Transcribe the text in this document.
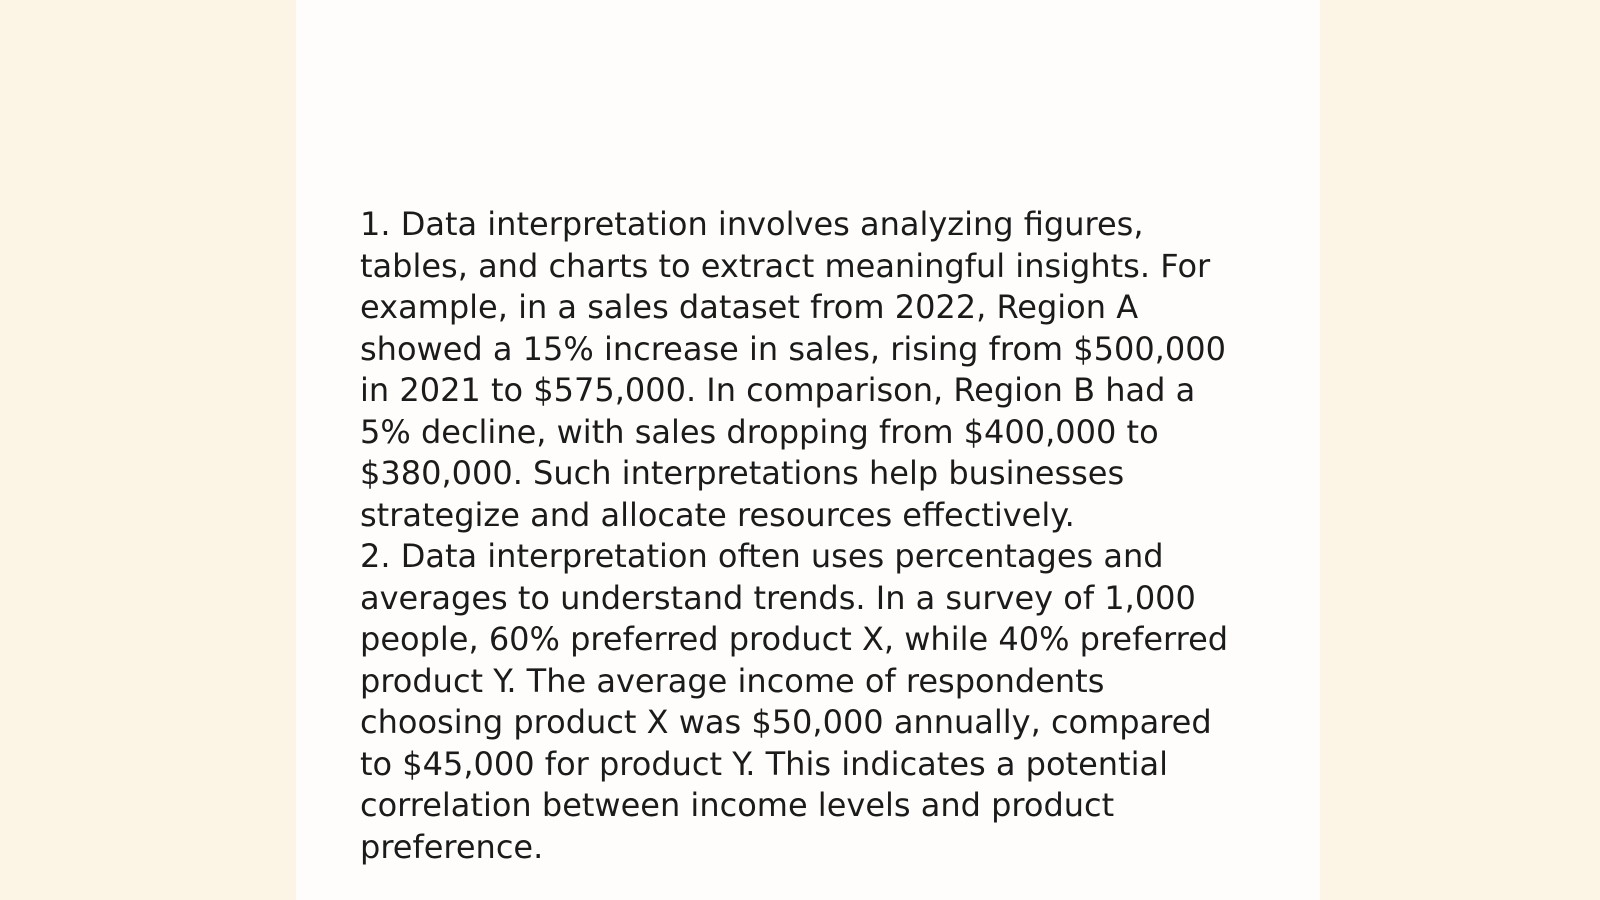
1. Data interpretation involves analyzing figures,
tables, and charts to extract meaningful insights. For
example, in a sales dataset from 2022, Region A
showed a 15% increase in sales, rising from $500,000
in 2021 to $575,000. In comparison, Region B had a
5% decline, with sales dropping from $400,000 to
$380,000. Such interpretations help businesses
strategize and allocate resources effectively.

2. Data interpretation often uses percentages and
averages to understand trends. In a survey of 1,000
people, 60% preferred product X, while 40% preferred
product Y. The average income of respondents
choosing product X was $50,000 annually, compared
to $45,000 for product Y. This indicates a potential
correlation between income levels and product
preference.
